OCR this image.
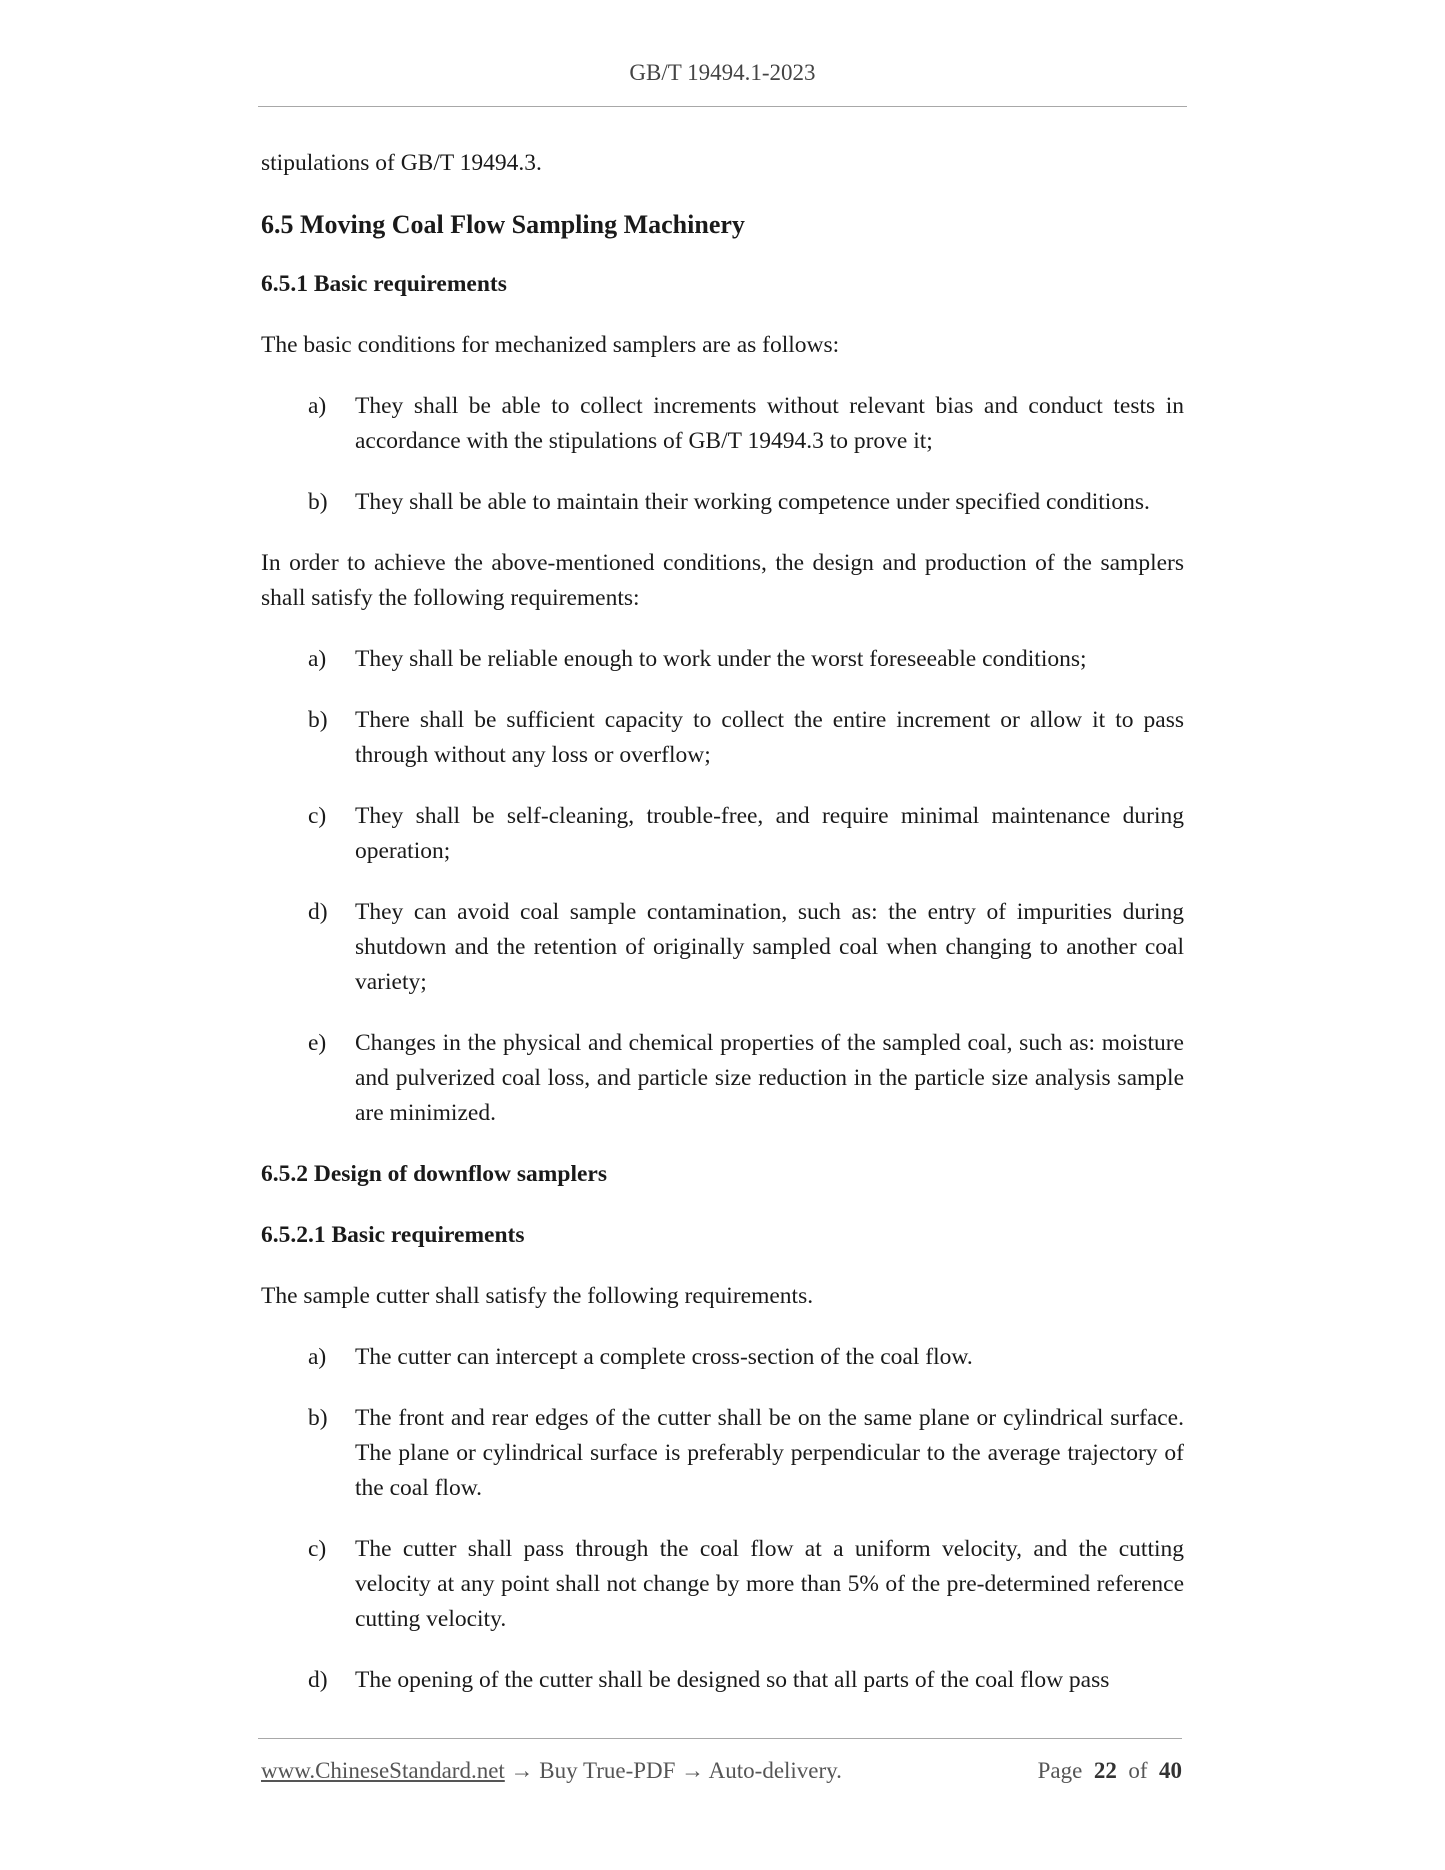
GB/T 19494.1-2023

stipulations of GB/T 19494.3.

6.5 Moving Coal Flow Sampling Machinery
6.5.1 Basic requirements

The basic conditions for mechanized samplers are as follows:

a)	They shall be able to collect increments without relevant bias and conduct tests in accordance with the stipulations of GB/T 19494.3 to prove it;
b)	They shall be able to maintain their working competence under specified conditions.

In order to achieve the above-mentioned conditions, the design and production of the samplers shall satisfy the following requirements:

a)	They shall be reliable enough to work under the worst foreseeable conditions;
b)	There shall be sufficient capacity to collect the entire increment or allow it to pass through without any loss or overflow;
c)	They shall be self-cleaning, trouble-free, and require minimal maintenance during operation;
d)	They can avoid coal sample contamination, such as: the entry of impurities during shutdown and the retention of originally sampled coal when changing to another coal variety;
e)	Changes in the physical and chemical properties of the sampled coal, such as: moisture and pulverized coal loss, and particle size reduction in the particle size analysis sample are minimized.
6.5.2 Design of downflow samplers
6.5.2.1 Basic requirements

The sample cutter shall satisfy the following requirements.

a)	The cutter can intercept a complete cross-section of the coal flow.
b)	The front and rear edges of the cutter shall be on the same plane or cylindrical surface. The plane or cylindrical surface is preferably perpendicular to the average trajectory of the coal flow.
c)	The cutter shall pass through the coal flow at a uniform velocity, and the cutting velocity at any point shall not change by more than 5% of the pre-determined reference cutting velocity.
d)	The opening of the cutter shall be designed so that all parts of the coal flow pass
www.ChineseStandard.net → Buy True-PDF → Auto-delivery.	Page 22 of 40
